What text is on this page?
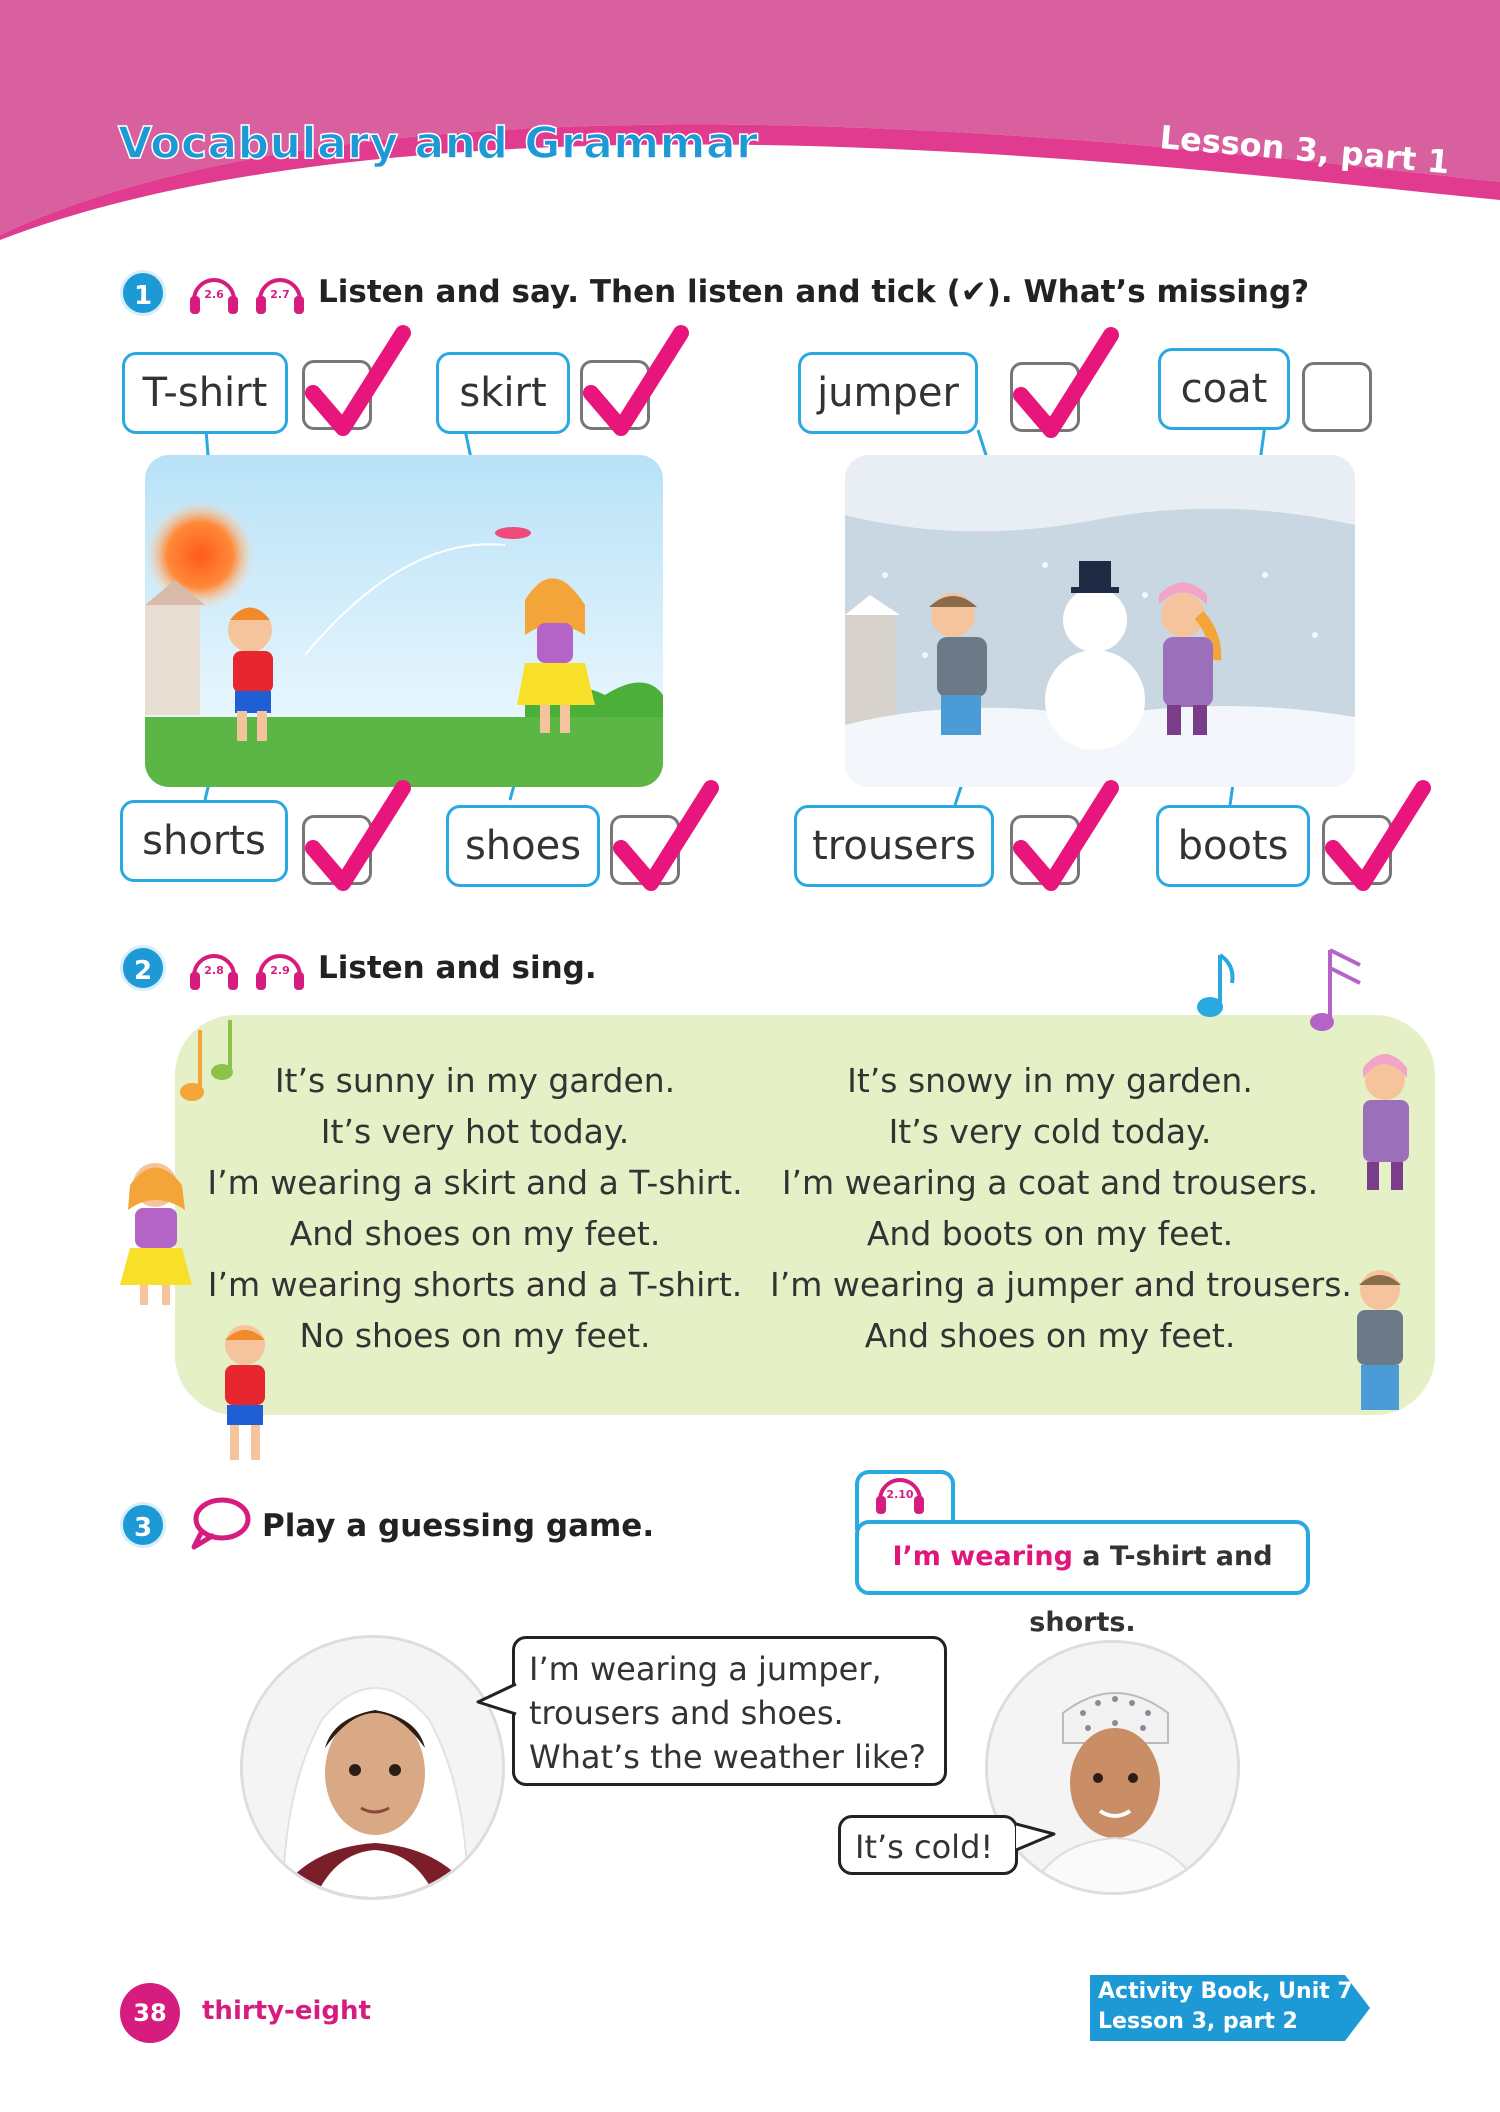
Vocabulary and Grammar	Lesson 3, part 1
1	2.6	2.7 Listen and say. Then listen and tick (✔). What’s missing?
T-shirt	skirt	jumper	coat
shorts	shoes	trousers	boots
2	2.8	2.9 Listen and sing.
It’s sunny in my garden.
It’s very hot today.
I’m wearing a skirt and a T-shirt.
And shoes on my feet.
I’m wearing shorts and a T-shirt.
No shoes on my feet.
It’s snowy in my garden.
It’s very cold today.
I’m wearing a coat and trousers.
And boots on my feet.
I’m wearing a jumper and trousers.
And shoes on my feet.
3	Play a guessing game.
2.10
I’m wearing a T-shirt and shorts.
I’m wearing a jumper,
trousers and shoes.
What’s the weather like?
It’s cold!
38	thirty-eight
Activity Book, Unit 7
Lesson 3, part 2
